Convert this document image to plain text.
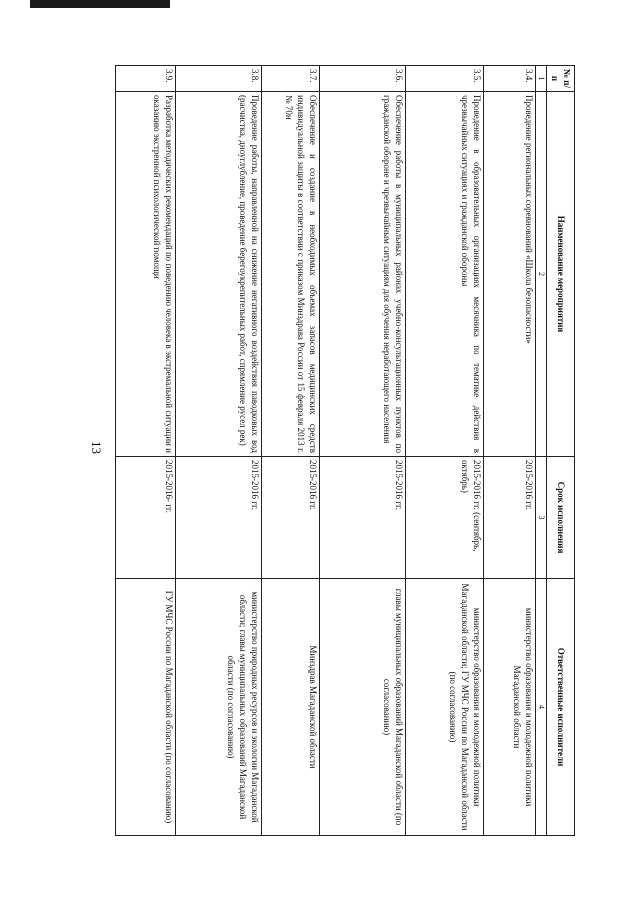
13
№ п/п	Наименование мероприятия	Срок исполнения	Ответственные исполнители
1	2	3	4
3.4.	Проведение региональных соревнований «Школа безопасности»	2015-2016 гг.	министерство образования и молодежной политики Магаданской области
3.5.	Проведение в образовательных организациях месячника по тематике действия в чрезвычайных ситуациях и гражданской обороны	2015-2016 гг. (сентябрь, октябрь)	министерство образования и молодежной политики Магаданской области; ГУ МЧС России по Магаданской области (по согласованию)
3.6.	Обеспечение работы в муниципальных районах учебно-консультационных пунктов по гражданской обороне и чрезвычайным ситуациям для обучения неработающего населения	2015-2016 гг.	главы муниципальных образований Магаданской области (по согласованию)
3.7.	Обеспечение и создание в необходимых объемах запасов медицинских средств индивидуальной защиты в соответствии с приказом Минздрава России от 15 февраля 2013 г. № 70н	2015-2016 гг.	Минздрав Магаданской области
3.8.	Проведение работы, направленной на снижение негативного воздействия паводковых вод (расчистка, дноуглубление, проведение берегоукрепительных работ, спрямление русел рек)	2015-2016 гг.	министерство природных ресурсов и экологии Магаданской области; главы муниципальных образований Магаданской области (по согласованию)
3.9.	Разработка методических рекомендаций по поведению человека в экстремальной ситуации и оказанию экстренной психологической помощи	2015-2016- гг.	ГУ МЧС России по Магаданской области (по согласованию)
